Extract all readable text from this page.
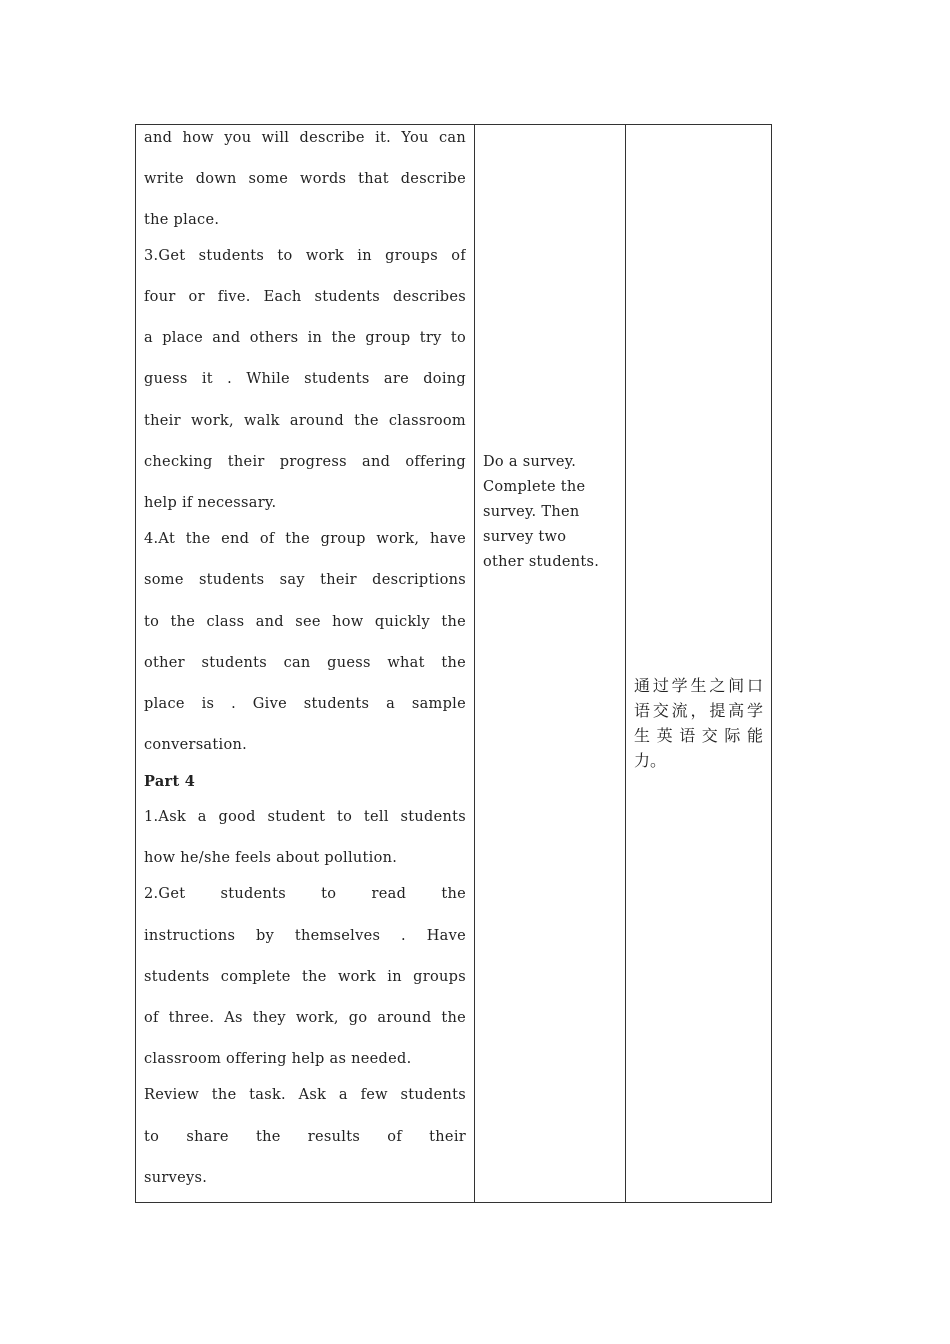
and how you will describe it. You can
write down some words that describe
the place.
3.Get students to work in groups of
four or five. Each students describes
a place and others in the group try to
guess it . While students are doing
their work, walk around the classroom
checking their progress and offering
help if necessary.
4.At the end of the group work, have
some students say their descriptions
to the class and see how quickly the
other students can guess what the
place is . Give students a sample
conversation.
Part 4
1.Ask a good student to tell students
how he/she feels about pollution.
2.Get students to read the
instructions by themselves . Have
students complete the work in groups
of three. As they work, go around the
classroom offering help as needed.
Review the task. Ask a few students
to share the results of their
surveys.
Do a survey.
Complete the
survey. Then
survey two
other students.
通过学生之间口
语交流，提高学
生英语交际能
力。
